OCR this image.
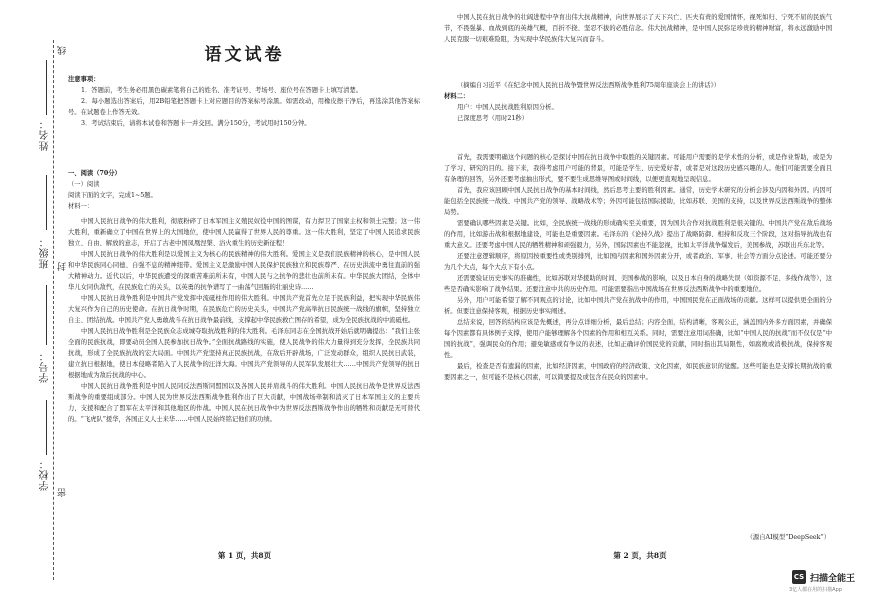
线
姓名：
班级： 封
学号：
学校：
密
语文试卷

注意事项：

1．答题前，考生务必用黑色碳素笔将自己的姓名、准考证号、考场号、座位号在答题卡上填写清楚。

2．每小题选出答案后，用2B铅笔把答题卡上对应题目的答案标号涂黑。如需改动，用橡皮擦干净后，再选涂其他答案标号。在试题卷上作答无效。

3．考试结束后，请将本试卷和答题卡一并交回。满分150分，考试用时150分钟。

一、阅读（70分）

（一）阅读

阅读下面的文字，完成1~5题。

材料一：

中国人民抗日战争的伟大胜利，彻底粉碎了日本军国主义殖民奴役中国的图谋，有力捍卫了国家主权和领土完整；这一伟大胜利，重新确立了中国在世界上的大国地位，使中国人民赢得了世界人民的尊重。这一伟大胜利，坚定了中国人民追求民族独立、自由、解放的意志，开启了古老中国凤凰涅槃、浴火重生的历史新征程！

中国人民抗日战争的伟大胜利是以爱国主义为核心的民族精神的伟大胜利。爱国主义是我们民族精神的核心，是中国人民和中华民族同心同德、自强不息的精神纽带。爱国主义是激励中国人民保护民族独立和民族尊严、在历史洪流中勇往直前的强大精神动力。近代以后，中华民族遭受的深重苦难前所未有，中国人民与之抗争的悲壮也前所未有。中华民族大团结，全体中华儿女同仇敌忾，在民族危亡的关头，以英勇的抗争谱写了一曲荡气回肠的壮丽史诗……

中国人民抗日战争胜利是中国共产党发挥中流砥柱作用的伟大胜利。中国共产党首先立足于民族利益，把实现中华民族伟大复兴作为自己的历史使命。在抗日战争时期，在民族危亡的历史关头，中国共产党高举抗日民族统一战线的旗帜，坚持独立自主、团结抗战。中国共产党人勇敢战斗在抗日战争最前线，支撑起中华民族救亡图存的希望，成为全民族抗战的中流砥柱。

中国人民抗日战争胜利是全民族众志成城夺取抗战胜利的伟大胜利。毛泽东同志在全国抗战开始后就明确提出：“我们主张全面的民族抗战，即要动员全国人民参加抗日战争。”全面抗战路线的实施，使人民战争的伟大力量得到充分发挥，全民族共同抗战，形成了全民族抗战的宏大局面。中国共产党坚持真正民族抗战，在敌后开辟战场，广泛发动群众，组织人民抗日武装，建立抗日根据地，使日本侵略者陷入了人民战争的汪洋大海。中国共产党领导的人民军队发展壮大……中国共产党领导的抗日根据地成为敌后抗战的中心。

中国人民抗日战争胜利是中国人民同反法西斯同盟国以及各国人民并肩战斗的伟大胜利。中国人民抗日战争是世界反法西斯战争的重要组成部分。中国人民为世界反法西斯战争胜利作出了巨大贡献，中国战场牵制和消灭了日本军国主义的主要兵力，支援和配合了盟军在太平洋和其他地区的作战。中国人民在抗日战争中为世界反法西斯战争作出的牺牲和贡献是无可替代的。“飞虎队”援华，各国正义人士来华……中国人民始终铭记他们的功绩。

第 1 页，共8页

中国人民在抗日战争的壮阔进程中孕育出伟大抗战精神，向世界展示了天下兴亡、匹夫有责的爱国情怀，视死如归、宁死不屈的民族气节，不畏强暴、血战到底的英雄气概，百折不挠、坚忍不拔的必胜信念。伟大抗战精神，是中国人民弥足珍贵的精神财富，将永远激励中国人民克服一切艰难险阻，为实现中华民族伟大复兴而奋斗。

（摘编自习近平《在纪念中国人民抗日战争暨世界反法西斯战争胜利75周年座谈会上的讲话》）

材料二：

用户：中国人民抗战胜利原因分析。

已深度思考（用时21秒）

首先，我需要明确这个问题的核心是探讨中国在抗日战争中取胜的关键因素。可能用户需要的是学术性的分析，或是作业帮助，或是为了学习、研究的目的。接下来，我得考虑用户可能的背景，可能是学生、历史爱好者，或者是对这段历史感兴趣的人。他们可能需要全面且有条理的回答，另外还要考虑抽出形式，要不要生成思维导图或时间线，以便更直观地呈现信息。

首先，我应该回顾中国人民抗日战争的基本时间线，然后思考主要的胜利因素。通常，历史学术研究的分析会涉及内因和外因。内因可能包括全民族统一战线、中国共产党的领导、战略战术等；外因可能包括国际援助，比如苏联、美国的支持，以及世界反法西斯战争的整体局势。

需要确认哪些因素是关键。比如，全民族统一战线的形成确实至关重要，因为国共合作对抗战胜利是很关键的。中国共产党在敌后战场的作用，比如游击战和根据地建设，可能也是重要因素。毛泽东的《论持久战》提出了战略防御、相持和反攻三个阶段，这对指导抗战也有重大意义。还要考虑中国人民的牺牲精神和顽强毅力，另外，国际因素也不能忽视，比如太平洋战争爆发后，美国参战，苏联出兵东北等。

还要注意逻辑顺序，将原因按重要性或类别排列，比如国内因素和国外因素分开，或者政治、军事、社会等方面分点论述。可能还要分为几个大点，每个大点下有小点。

还需要验证历史事实的准确性，比如苏联对华援助的时间、美国参战的影响，以及日本自身的战略失误（如资源不足、多线作战等），这些是否确实影响了战争结果。还要注意中共的历史作用。可能需要指出中国战场在世界反法西斯战争中的重要地位。

另外，用户可能希望了解不同观点的讨论，比如中国共产党在抗战中的作用，中国国民党在正面战场的贡献。这样可以提供更全面的分析。但要注意保持客观，根据历史事实阐述。

总结来说，回答的结构应该是先概述，再分点详细分析，最后总结；内容全面，结构清晰，客观公正，涵盖国内外多方面因素，并确保每个因素都有具体例子支撑，使用户能够理解各个因素的作用和相互关系。同时，需要注意用词准确，比如“中国人民的抗战”而不仅仅是“中国的抗战”，强调民众的作用；避免敏感或有争议的表述，比如正确评价国民党的贡献，同时指出其局限性，如腐败或消极抗战，保持客观性。

最后，检查是否有遗漏的因素，比如经济因素，中国政府的经济政策、文化因素，如民族意识的觉醒。这些可能也是支撑长期抗战的重要因素之一，但可能不是核心因素，可以简要提及或包含在民众的因素中。

（源自AI模型“DeepSeek”）
第 2 页，共8页
CS 扫描全能王
3亿人都在用的扫描App
